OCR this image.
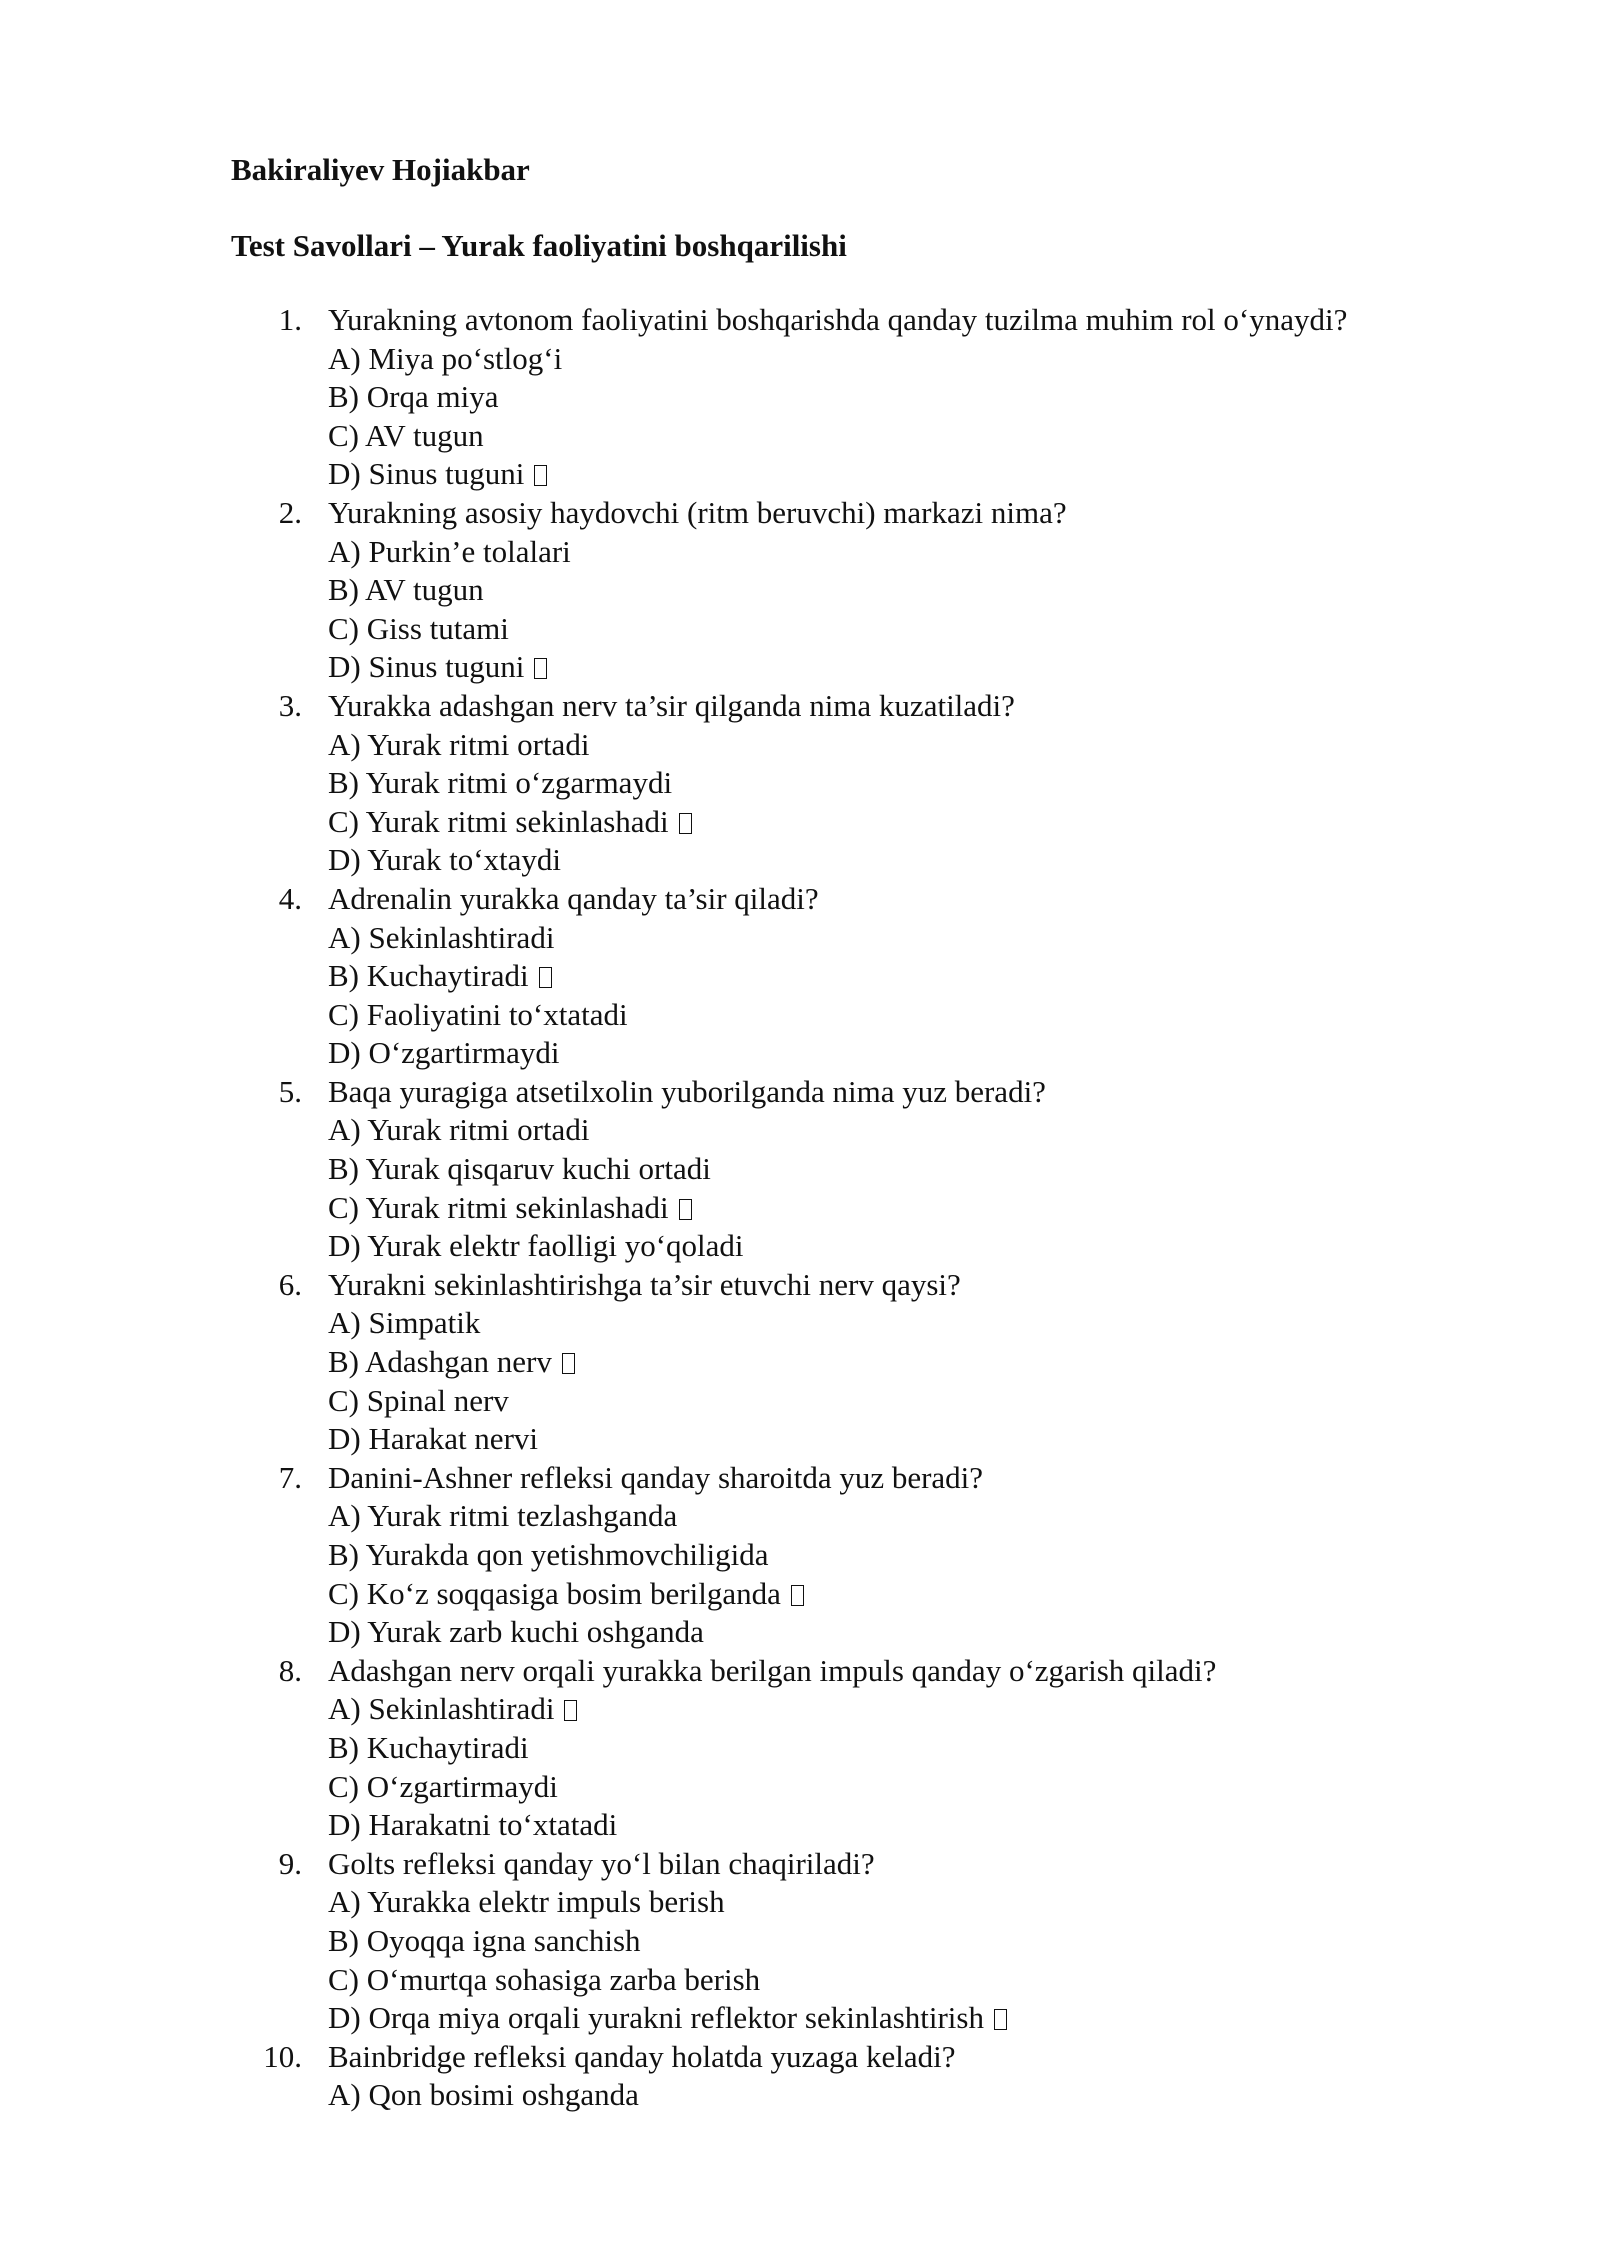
Bakiraliyev Hojiakbar
Test Savollari – Yurak faoliyatini boshqarilishi
1. Yurakning avtonom faoliyatini boshqarishda qanday tuzilma muhim rol o‘ynaydi?
A) Miya po‘stlog‘i
B) Orqa miya
C) AV tugun
D) Sinus tuguni
2. Yurakning asosiy haydovchi (ritm beruvchi) markazi nima?
A) Purkin’e tolalari
B) AV tugun
C) Giss tutami
D) Sinus tuguni
3. Yurakka adashgan nerv ta’sir qilganda nima kuzatiladi?
A) Yurak ritmi ortadi
B) Yurak ritmi o‘zgarmaydi
C) Yurak ritmi sekinlashadi
D) Yurak to‘xtaydi
4. Adrenalin yurakka qanday ta’sir qiladi?
A) Sekinlashtiradi
B) Kuchaytiradi
C) Faoliyatini to‘xtatadi
D) O‘zgartirmaydi
5. Baqa yuragiga atsetilxolin yuborilganda nima yuz beradi?
A) Yurak ritmi ortadi
B) Yurak qisqaruv kuchi ortadi
C) Yurak ritmi sekinlashadi
D) Yurak elektr faolligi yo‘qoladi
6. Yurakni sekinlashtirishga ta’sir etuvchi nerv qaysi?
A) Simpatik
B) Adashgan nerv
C) Spinal nerv
D) Harakat nervi
7. Danini-Ashner refleksi qanday sharoitda yuz beradi?
A) Yurak ritmi tezlashganda
B) Yurakda qon yetishmovchiligida
C) Ko‘z soqqasiga bosim berilganda
D) Yurak zarb kuchi oshganda
8. Adashgan nerv orqali yurakka berilgan impuls qanday o‘zgarish qiladi?
A) Sekinlashtiradi
B) Kuchaytiradi
C) O‘zgartirmaydi
D) Harakatni to‘xtatadi
9. Golts refleksi qanday yo‘l bilan chaqiriladi?
A) Yurakka elektr impuls berish
B) Oyoqqa igna sanchish
C) O‘murtqa sohasiga zarba berish
D) Orqa miya orqali yurakni reflektor sekinlashtirish
10. Bainbridge refleksi qanday holatda yuzaga keladi?
A) Qon bosimi oshganda
